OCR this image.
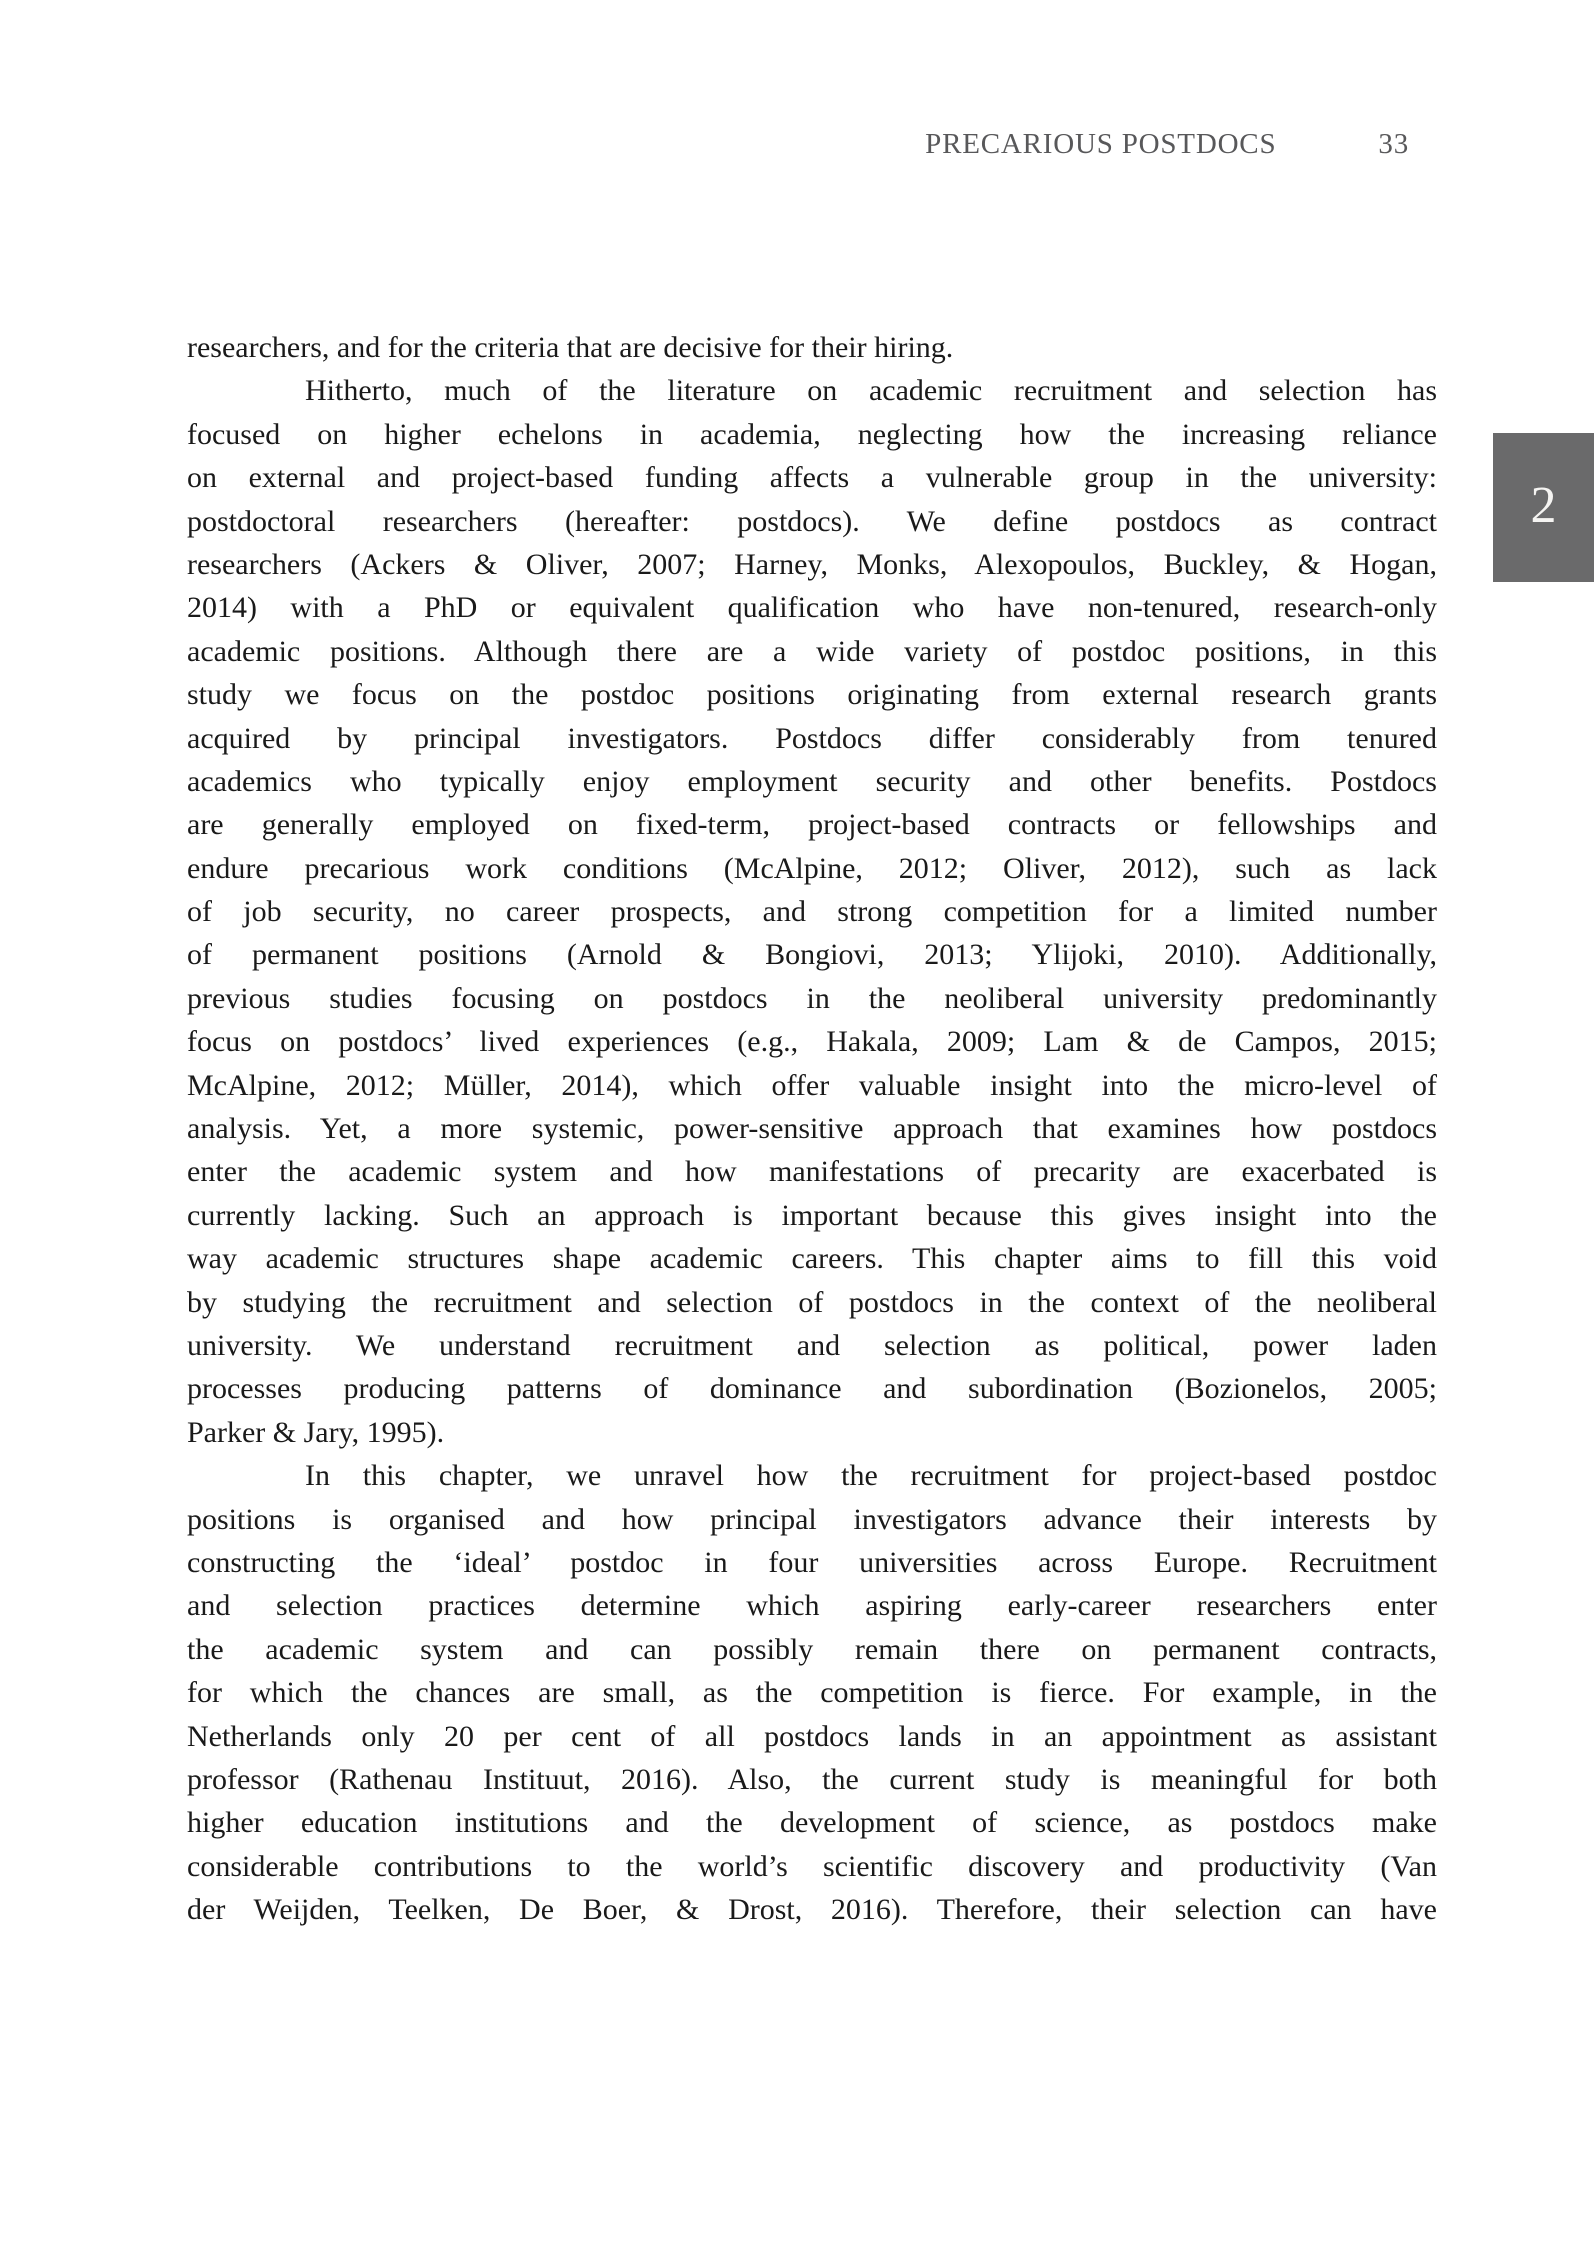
PRECARIOUS POSTDOCS	33
2
researchers, and for the criteria that are decisive for their hiring.
Hitherto, much of the literature on academic recruitment and selection has
focused on higher echelons in academia, neglecting how the increasing reliance
on external and project-based funding affects a vulnerable group in the university:
postdoctoral researchers (hereafter: postdocs). We define postdocs as contract
researchers (Ackers & Oliver, 2007; Harney, Monks, Alexopoulos, Buckley, & Hogan,
2014) with a PhD or equivalent qualification who have non-tenured, research-only
academic positions. Although there are a wide variety of postdoc positions, in this
study we focus on the postdoc positions originating from external research grants
acquired by principal investigators. Postdocs differ considerably from tenured
academics who typically enjoy employment security and other benefits. Postdocs
are generally employed on fixed-term, project-based contracts or fellowships and
endure precarious work conditions (McAlpine, 2012; Oliver, 2012), such as lack
of job security, no career prospects, and strong competition for a limited number
of permanent positions (Arnold & Bongiovi, 2013; Ylijoki, 2010). Additionally,
previous studies focusing on postdocs in the neoliberal university predominantly
focus on postdocs’ lived experiences (e.g., Hakala, 2009; Lam & de Campos, 2015;
McAlpine, 2012; Müller, 2014), which offer valuable insight into the micro-level of
analysis. Yet, a more systemic, power-sensitive approach that examines how postdocs
enter the academic system and how manifestations of precarity are exacerbated is
currently lacking. Such an approach is important because this gives insight into the
way academic structures shape academic careers. This chapter aims to fill this void
by studying the recruitment and selection of postdocs in the context of the neoliberal
university. We understand recruitment and selection as political, power laden
processes producing patterns of dominance and subordination (Bozionelos, 2005;
Parker & Jary, 1995).
In this chapter, we unravel how the recruitment for project-based postdoc
positions is organised and how principal investigators advance their interests by
constructing the ‘ideal’ postdoc in four universities across Europe. Recruitment
and selection practices determine which aspiring early-career researchers enter
the academic system and can possibly remain there on permanent contracts,
for which the chances are small, as the competition is fierce. For example, in the
Netherlands only 20 per cent of all postdocs lands in an appointment as assistant
professor (Rathenau Instituut, 2016). Also, the current study is meaningful for both
higher education institutions and the development of science, as postdocs make
considerable contributions to the world’s scientific discovery and productivity (Van
der Weijden, Teelken, De Boer, & Drost, 2016). Therefore, their selection can have
